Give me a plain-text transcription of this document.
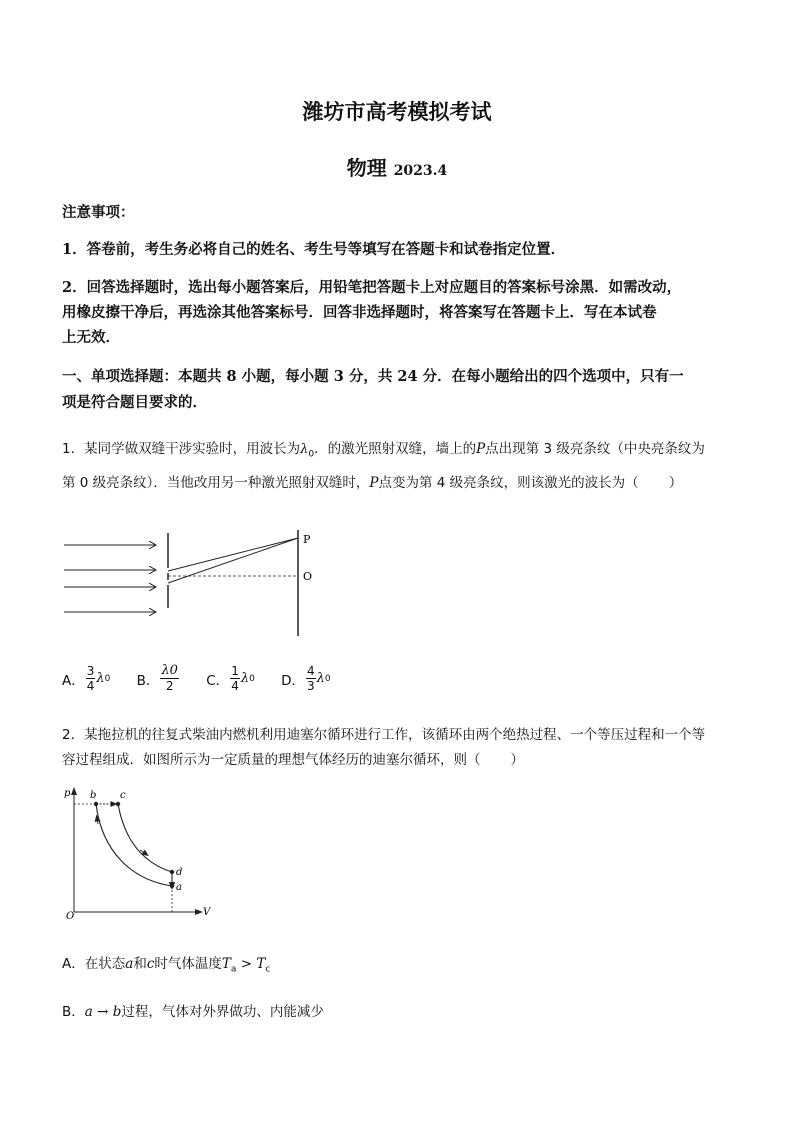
潍坊市高考模拟考试
物理 2023.4
注意事项：
1．答卷前，考生务必将自己的姓名、考生号等填写在答题卡和试卷指定位置．
2．回答选择题时，选出每小题答案后，用铅笔把答题卡上对应题目的答案标号涂黑．如需改动，
用橡皮擦干净后，再选涂其他答案标号．回答非选择题时，将答案写在答题卡上．写在本试卷
上无效．
一、单项选择题：本题共 8 小题，每小题 3 分，共 24 分．在每小题给出的四个选项中，只有一
项是符合题目要求的．
1．某同学做双缝干涉实验时，用波长为$\lambda_0$．的激光照射双缝，墙上的P点出现第 3 级亮条纹（中央亮条纹为
第 0 级亮条纹）．当他改用另一种激光照射双缝时，P点变为第 4 级亮条纹，则该激光的波长为（ ）
P
O
A． $\frac{3}{4}$ λ 0
B． $\frac{\lambda 0}{2}$
C． $\frac{1}{4}$ λ 0
D． $\frac{4}{3}$ λ 0
2．某拖拉机的往复式柴油内燃机利用迪塞尔循环进行工作，该循环由两个绝热过程、一个等压过程和一个等
容过程组成．如图所示为一定质量的理想气体经历的迪塞尔循环，则（ ）
p
V
O
b c
d
a
A．在状态a和c时气体温度$T_a > T_c$
B．a → b过程，气体对外界做功、内能减少
